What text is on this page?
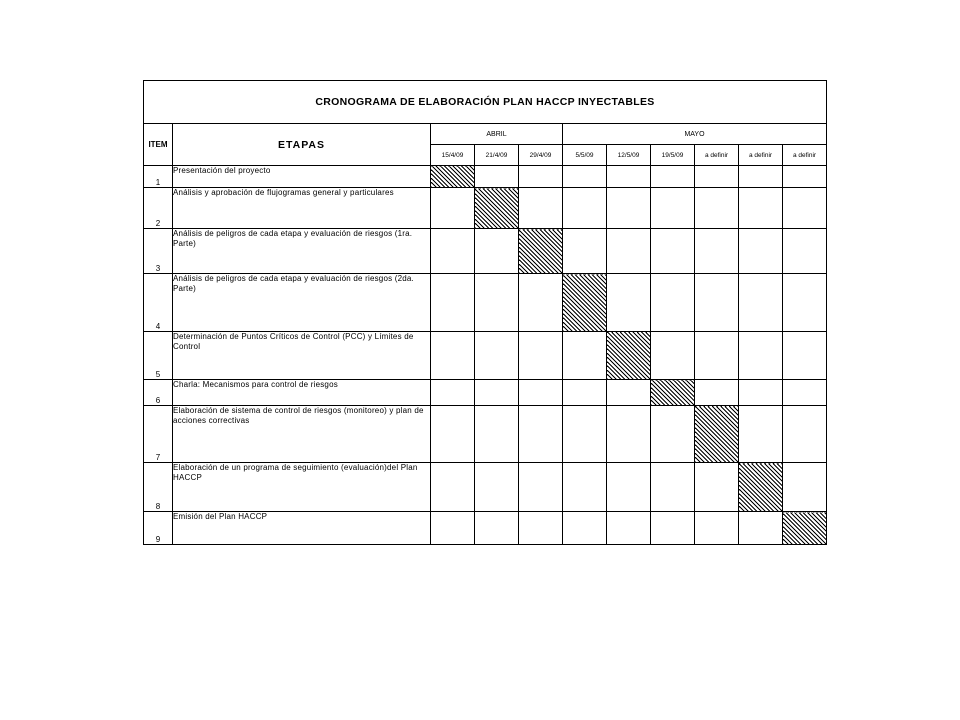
CRONOGRAMA DE ELABORACIÓN PLAN HACCP INYECTABLES										
ITEM	ETAPAS	ABRIL			MAYO					
		15/4/09	21/4/09	29/4/09	5/5/09	12/5/09	19/5/09	a definir	a definir	a definir
1	Presentación del proyecto									
2	Análisis y aprobación de flujogramas general y particulares									
3	Análisis de peligros de cada etapa y evaluación de riesgos (1ra. Parte)									
4	Análisis de peligros de cada etapa y evaluación de riesgos (2da. Parte)									
5	Determinación de Puntos Críticos de Control (PCC) y Límites de Control									
6	Charla: Mecanismos para control de riesgos									
7	Elaboración de sistema de control de riesgos (monitoreo) y plan de acciones correctivas									
8	Elaboración de un programa de seguimiento (evaluación)del Plan HACCP									
9	Emisión del Plan HACCP									
